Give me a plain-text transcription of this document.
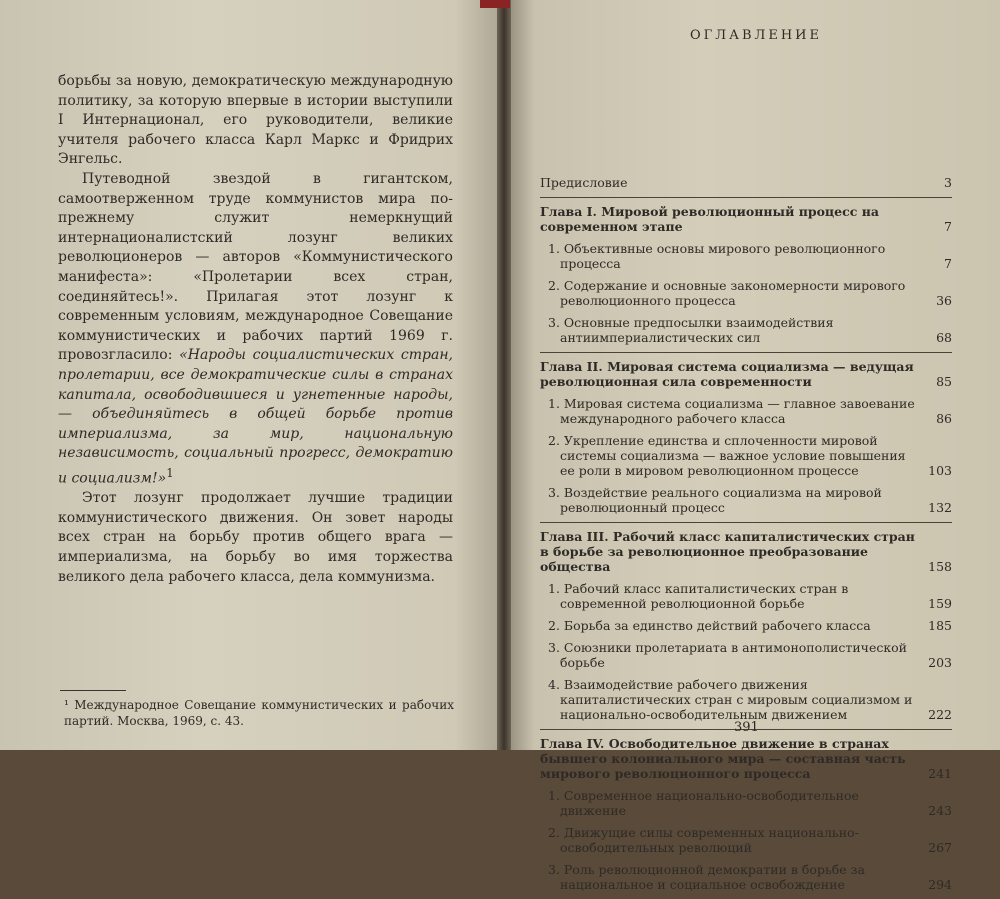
борьбы за новую, демократическую международную политику, за которую впервые в истории выступили I Интернационал, его руководители, великие учителя рабочего класса Карл Маркс и Фридрих Энгельс.

Путеводной звездой в гигантском, самоотверженном труде коммунистов мира по-прежнему служит немеркнущий интернационалистский лозунг великих революционеров — авторов «Коммунистического манифеста»: «Пролетарии всех стран, соединяйтесь!». Прилагая этот лозунг к современным условиям, международное Совещание коммунистических и рабочих партий 1969 г. провозгласило: «Народы социалистических стран, пролетарии, все демократические силы в странах капитала, освободившиеся и угнетенные народы, — объединяйтесь в общей борьбе против империализма, за мир, национальную независимость, социальный прогресс, демократию и социализм!»$^1$

Этот лозунг продолжает лучшие традиции коммунистического движения. Он зовет народы всех стран на борьбу против общего врага — империализма, на борьбу во имя торжества великого дела рабочего класса, дела коммунизма.

¹ Международное Совещание коммунистических и рабочих партий. Москва, 1969, с. 43.
ОГЛАВЛЕНИЕ
Предисловие	3
Глава I. Мировой революционный процесс на современном этапе	7
1. Объективные основы мирового революционного процесса	7
2. Содержание и основные закономерности мирового революционного процесса	36
3. Основные предпосылки взаимодействия антиимпериалистических сил	68
Глава II. Мировая система социализма — ведущая революционная сила современности	85
1. Мировая система социализма — главное завоевание международного рабочего класса	86
2. Укрепление единства и сплоченности мировой системы социализма — важное условие повышения ее роли в мировом революционном процессе	103
3. Воздействие реального социализма на мировой революционный процесс	132
Глава III. Рабочий класс капиталистических стран в борьбе за революционное преобразование общества	158
1. Рабочий класс капиталистических стран в современной революционной борьбе	159
2. Борьба за единство действий рабочего класса	185
3. Союзники пролетариата в антимонополистической борьбе	203
4. Взаимодействие рабочего движения капиталистических стран с мировым социализмом и национально-освободительным движением	222
Глава IV. Освободительное движение в странах бывшего колониального мира — составная часть мирового революционного процесса	241
1. Современное национально-освободительное движение	243
2. Движущие силы современных национально-освободительных революций	267
3. Роль революционной демократии в борьбе за национальное и социальное освобождение	294
391
